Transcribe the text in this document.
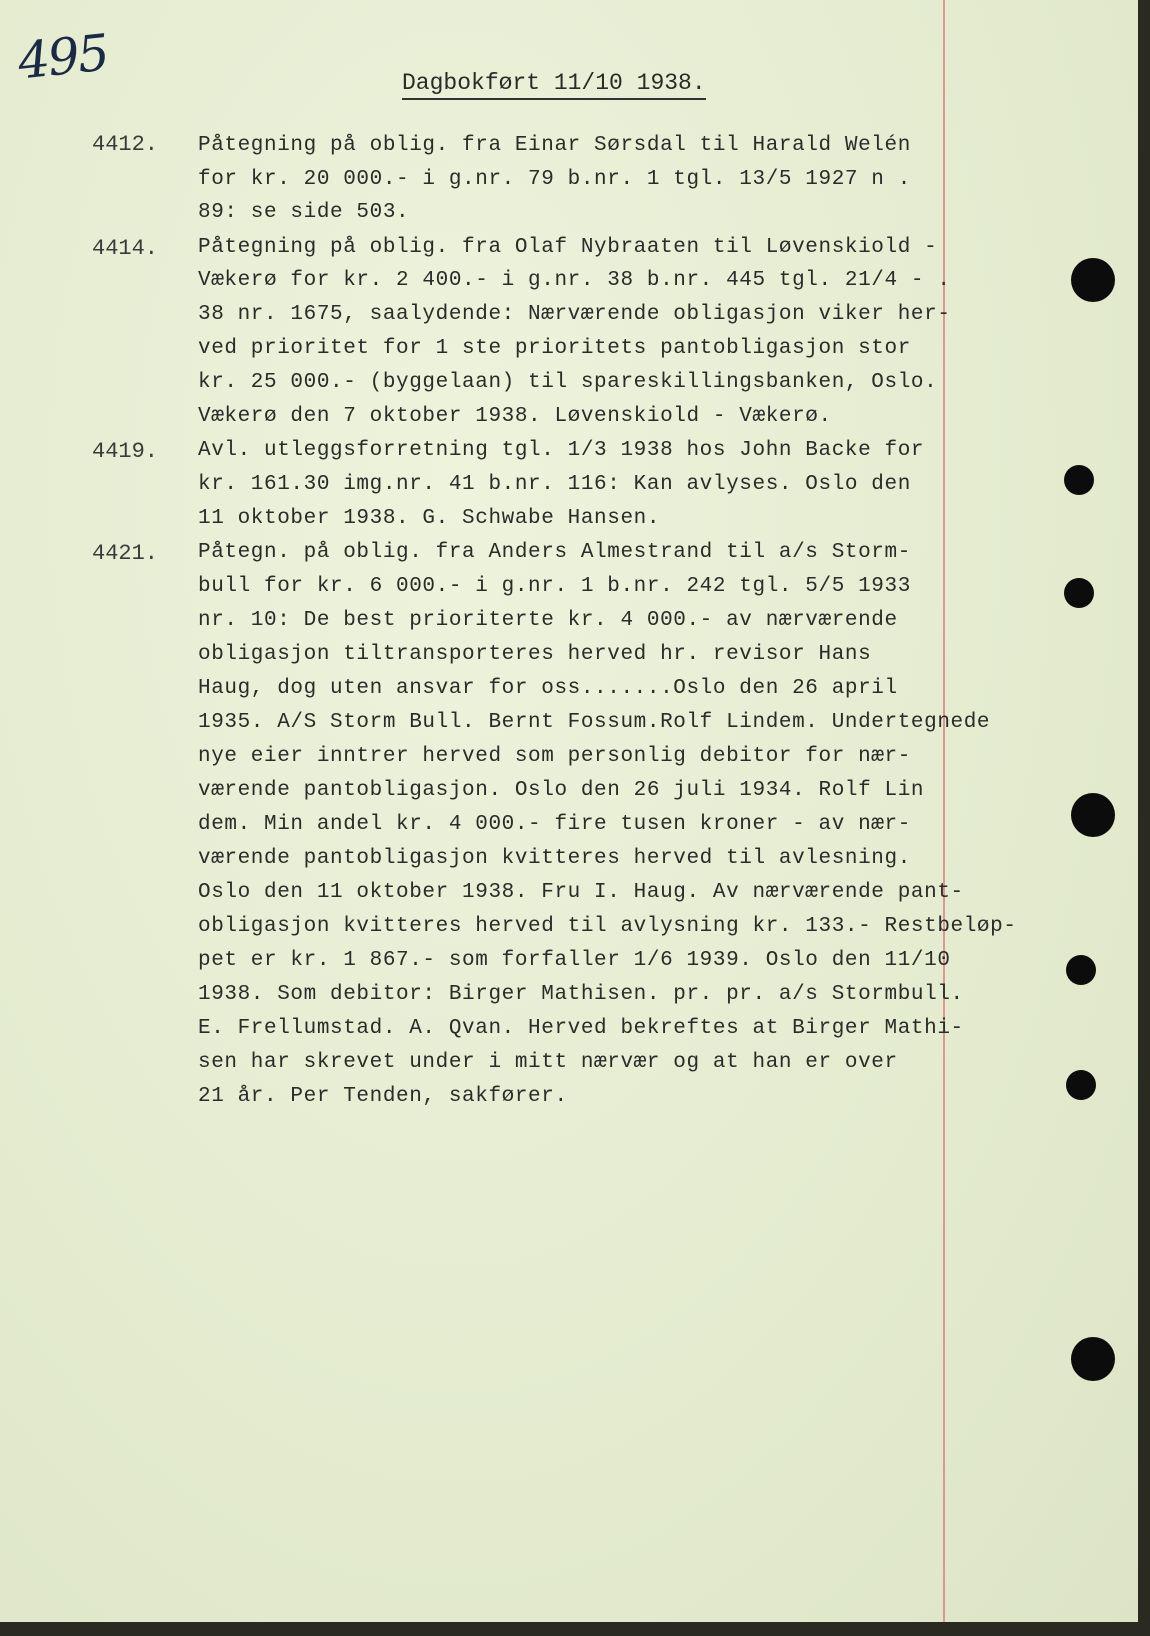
495	Dagbokført 11/10 1938.
4412. Påtegning på oblig. fra Einar Sørsdal til Harald Welén
for kr. 20 000.- i g.nr. 79 b.nr. 1 tgl. 13/5 1927 n .
89: se side 503.
4414. Påtegning på oblig. fra Olaf Nybraaten til Løvenskiold -
Vækerø for kr. 2 400.- i g.nr. 38 b.nr. 445 tgl. 21/4 - .
38 nr. 1675, saalydende: Nærværende obligasjon viker her-
ved prioritet for 1 ste prioritets pantobligasjon stor
kr. 25 000.- (byggelaan) til spareskillingsbanken, Oslo.
Vækerø den 7 oktober 1938. Løvenskiold - Vækerø.
4419. Avl. utleggsforretning tgl. 1/3 1938 hos John Backe for
kr. 161.30 img.nr. 41 b.nr. 116: Kan avlyses. Oslo den
11 oktober 1938. G. Schwabe Hansen.
4421. Påtegn. på oblig. fra Anders Almestrand til a/s Storm-
bull for kr. 6 000.- i g.nr. 1 b.nr. 242 tgl. 5/5 1933
nr. 10: De best prioriterte kr. 4 000.- av nærværende
obligasjon tiltransporteres herved hr. revisor Hans
Haug, dog uten ansvar for oss.......Oslo den 26 april
1935. A/S Storm Bull. Bernt Fossum.Rolf Lindem. Undertegnede
nye eier inntrer herved som personlig debitor for nær-
værende pantobligasjon. Oslo den 26 juli 1934. Rolf Lin
dem. Min andel kr. 4 000.- fire tusen kroner - av nær-
værende pantobligasjon kvitteres herved til avlesning.
Oslo den 11 oktober 1938. Fru I. Haug. Av nærværende pant-
obligasjon kvitteres herved til avlysning kr. 133.- Restbeløp-
pet er kr. 1 867.- som forfaller 1/6 1939. Oslo den 11/10
1938. Som debitor: Birger Mathisen. pr. pr. a/s Stormbull.
E. Frellumstad. A. Qvan. Herved bekreftes at Birger Mathi-
sen har skrevet under i mitt nærvær og at han er over
21 år. Per Tenden, sakfører.
